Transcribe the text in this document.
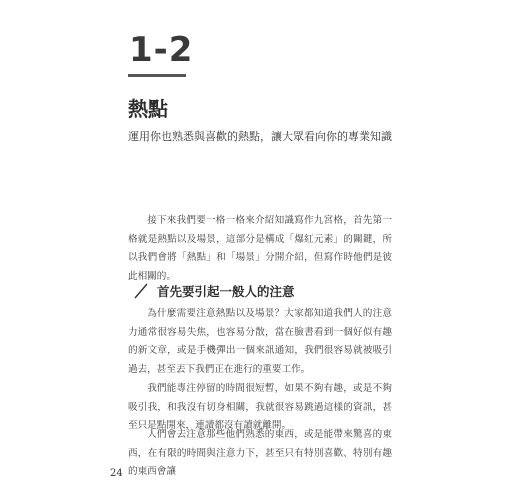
1-2
熱點

運用你也熟悉與喜歡的熱點，讓大眾看向你的專業知識

接下來我們要一格一格來介紹知識寫作九宮格，首先第一格就是熱點以及場景，這部分是構成「爆紅元素」的關鍵，所以我們會將「熱點」和「場景」分開介紹，但寫作時他們是彼此相關的。

首先要引起一般人的注意

為什麼需要注意熱點以及場景？大家都知道我們人的注意力通常很容易失焦，也容易分散，當在臉書看到一個好似有趣的新文章，或是手機彈出一個來訊通知，我們很容易就被吸引過去，甚至丟下我們正在進行的重要工作。

我們能專注停留的時間很短暫，如果不夠有趣，或是不夠吸引我，和我沒有切身相關，我就很容易跳過這樣的資訊，甚至只是點開來，連讀都沒有讀就離開。

人們會去注意那些他們熟悉的東西，或是能帶來驚喜的東西，在有限的時間與注意力下，甚至只有特別喜歡、特別有趣的東西會讓

24
